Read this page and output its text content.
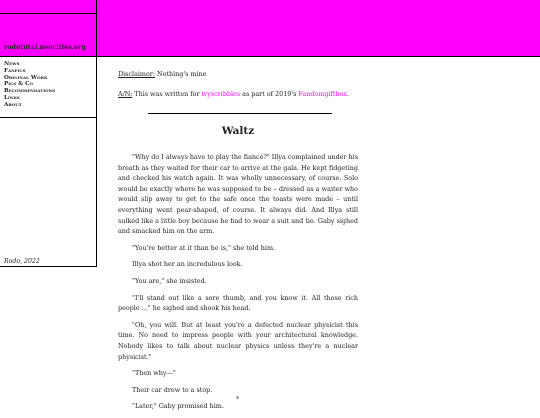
rodotutai.neocities.org
News
Fanfics
Original Work
Pics & Co
Recommendations
Links
About
Rodo, 2022

Disclaimer: Nothing's mine

A/N: This was written for ivyscribbles as part of 2019's Fandomgiftbox.

Waltz

"Why do I always have to play the fiancé?" Illya complained under his breath as they waited for their car to arrive at the gala. He kept fidgeting and checked his watch again. It was wholly unnecessary, of course. Solo would be exactly where he was supposed to be – dressed as a waiter who would slip away to get to the safe once the toasts were made – until everything went pear-shaped, of course. It always did. And Illya still sulked like a little boy because he had to wear a suit and tie. Gaby sighed and smacked him on the arm.

"You're better at it than he is," she told him.

Illya shot her an incredulous look.

"You are," she insisted.

"I'll stand out like a sore thumb, and you know it. All those rich people ..." he sighed and shook his head.

"Oh, you will. But at least you're a defected nuclear physicist this time. No need to impress people with your architectural knowledge. Nobody likes to talk about nuclear physics unless they're a nuclear physicist."

"Then why—"

Their car drew to a stop.

"Later," Gaby promised him.

*
